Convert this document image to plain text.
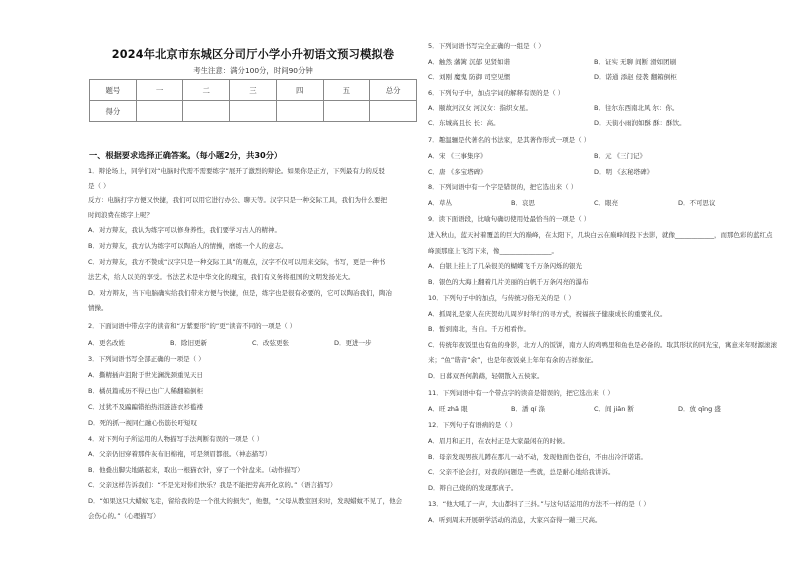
2024年北京市东城区分司厅小学小升初语文预习模拟卷
考生注意：满分100分，时间90分钟
题号	一	二	三	四	五	总分
得分						
一、根据要求选择正确答案。（每小题2分，共30分）
1．辩论场上，同学们对“电脑时代需不需要练字”展开了激烈的辩论。如果你是正方，下列最有力的反驳
是（ ）
反方：电脑打字方便又快捷，我们可以用它进行办公、聊天等。汉字只是一种交际工具，我们为什么要把
时间浪费在练字上呢？
A．对方辩友，我认为练字可以修身养性，我们要学习古人的精神。
B．对方辩友，我方认为练字可以陶冶人的情操，磨练一个人的意志。
C．对方辩友，我方不赞成“汉字只是一种交际工具”的观点，汉字不仅可以用来交际，书写，更是一种书
法艺术，给人以美的享受。书法艺术是中华文化的瑰宝，我们有义务将祖国的文明发扬光大。
D．对方辩友，当下电脑确实给我们带来方便与快捷，但是，练字也是很有必要的，它可以陶冶我们，陶冶
情操。
2．下面词语中带点字的读音和“万紫要形”的“更”读音不同的一项是（ ）
A．更名改姓	B．除旧更新	C．改弦更张	D．更进一步
3．下列词语书写全部正确的一项是（ ）
A．撕精插声沮附于世光澜洗颈重见天日
B．橘员篇戒历不得已也广人稀翻箱倒柜
C．过犹不及蹁蹁错拍热泪涟涟衣衫褴褛
D．死的抓一视同仁融心伤筋长吁短叹
4．对下列句子所运用的人物描写手法判断有误的一项是（ ）
A．父亲仍旧穿着那件灰布旧棉袍，可是须眉都很。（神态描写）
B．他叠出脚尖地踮起来，取出一根猫衣针，穿了一个针盘来。（动作描写）
C．父亲这样告诉我们：“不是光对你们快乐？我是不能把劳高开化京的。”（语言描写）
D．“如果这只大蜡蚁飞走，留给我的是一个很大的损失”，他想，“父母从教室回来时，发现蜡蚊不见了，他会
会伤心的。”（心理描写）
5．下列词语书写完全正确的一组是（ ）
A．触然 藩篱 沉郁 见贤如谐	B．证实 无聊 间断 滑如团刷
C．刘刚 魔鬼 防御 司空见惯	D．诺通 添赵 侵袭 翻箱倒柜
6．下列句子中，加点字词的解释有误的是（ ）
A．颐故河汉女 河汉女：指织女星。	B．往尔东西南北风 尔：你。
C．东城高且长 长：高。	D．天街小雨润如酥 酥：酥饮。
7．趣温骊是代著名的书法家，是其著作形式一项是（ ）
A．宋 《三事集序》	B．元 《三门记》
C．唐 《多宝塔碑》	D．明 《玄秘塔碑》
8．下列词语中有一个字是错误的，把它选出来（ ）
A．草丛	B．哀思	C．眼亮	D．不可思议
9．读下面语段，比喻句确切使用处最恰当的一项是（ ）
进入秋山，蓝天衬着覆盖的巨大的巅峰，在太阳下，几块白云在巅峰间投下去影，就像____________，而那色彩的蓝红点
峰顶那座上飞泻下来，像________________。
A．白银上挂上了几朵很美的蝴蝶飞千万条闪烁的银光
B．银色的大海上翻着几片美丽的白帆千万条闪亮的瀑布
10．下列句子中的加点，与传统习俗无关的是（ ）
A．抓周礼是家人在庆贺幼儿周岁时举行的寻方式，祝福孩子健康成长的重要礼仪。
B．暂到南北，当自。千万相看作。
C．传统年夜饭里也有鱼的身影，北方人的饭饼，南方人的鸡鸭里和鱼也是必备的。取其形状的同光宝，寓意来年财源滚滚
来；“鱼”谐音“余”，也是年夜饭桌上年年有余的吉祥象征。
D．日暮双吾何鹊鹉，轻朝散入五侯家。
11．下列词语中有一个带点字的读音是错误的，把它选出来（ ）
A．旺 zhā 眼	B．潘 qí 涤	C．间 jiān 断	D．放 qīng 盛
12．下列句子有语病的是（ ）
A．眉月和正月，在农村正是大家最闲在的时候。
B．母亲发现男孩儿蹲在那儿一动不动，发现他面色苍白，不由出冷汗诺诺。
C．父亲不论会打，对我的问题是一些就，总是耐心地给我讲诉。
D．辩自己烧的的发现那真子。
13．“他大吼了一声，大山都抖了三抖。”与这句话运用的方法不一样的是（ ）
A．听到周末开展研学活动的消息，大家兴奋得一蹦三尺高。
